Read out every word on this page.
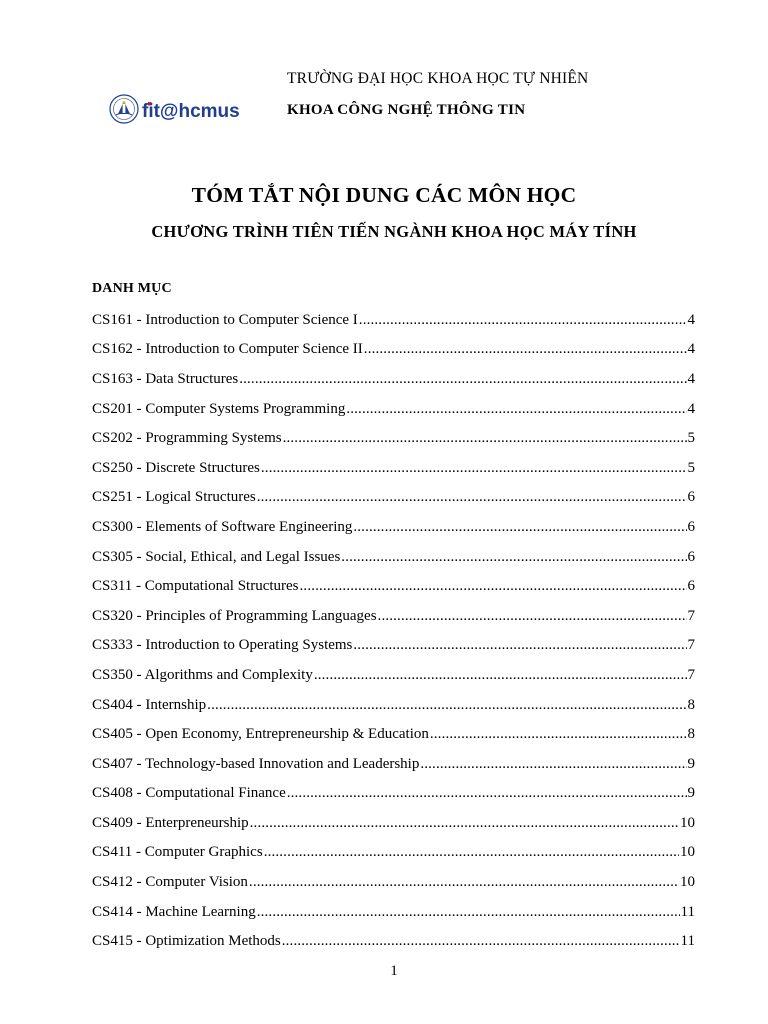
fit@hcmus
TRƯỜNG ĐẠI HỌC KHOA HỌC TỰ NHIÊN
KHOA CÔNG NGHỆ THÔNG TIN
TÓM TẮT NỘI DUNG CÁC MÔN HỌC
CHƯƠNG TRÌNH TIÊN TIẾN NGÀNH KHOA HỌC MÁY TÍNH
DANH MỤC
CS161 - Introduction to Computer Science I .....	4
CS162 - Introduction to Computer Science II .....	4
CS163 - Data Structures .....	4
CS201 - Computer Systems Programming .....	4
CS202 - Programming Systems .....	5
CS250 - Discrete Structures .....	5
CS251 - Logical Structures .....	6
CS300 - Elements of Software Engineering .....	6
CS305 - Social, Ethical, and Legal Issues .....	6
CS311 - Computational Structures .....	6
CS320 - Principles of Programming Languages .....	7
CS333 - Introduction to Operating Systems .....	7
CS350 - Algorithms and Complexity .....	7
CS404 - Internship .....	8
CS405 - Open Economy, Entrepreneurship & Education .....	8
CS407 - Technology-based Innovation and Leadership .....	9
CS408 - Computational Finance .....	9
CS409 - Enterpreneurship .....	10
CS411 - Computer Graphics .....	10
CS412 - Computer Vision .....	10
CS414 - Machine Learning .....	11
CS415 - Optimization Methods .....	11
1
